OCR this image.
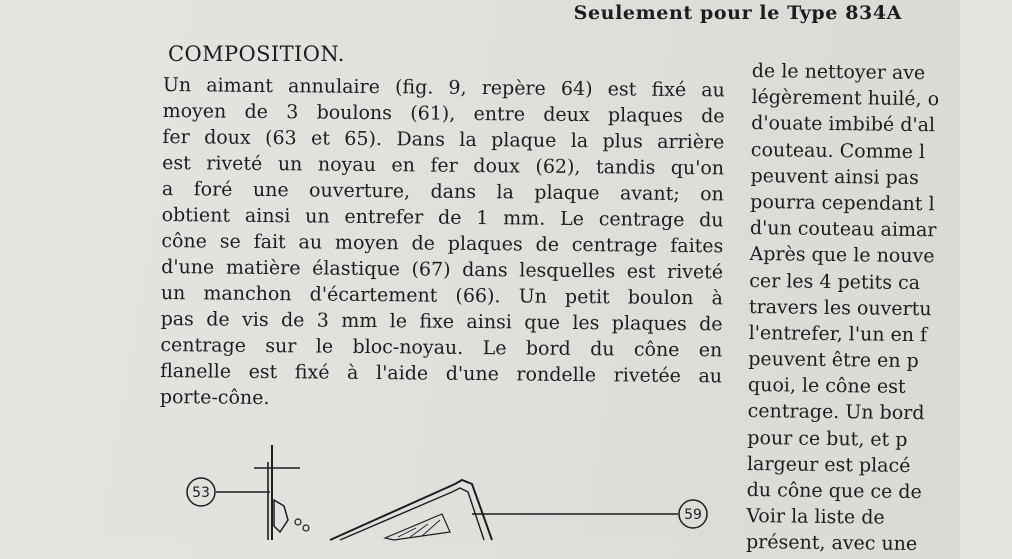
Seulement pour le Type 834A
COMPOSITION.
Un aimant annulaire (fig. 9, repère 64) est fixé au
moyen de 3 boulons (61), entre deux plaques de
fer doux (63 et 65). Dans la plaque la plus arrière
est riveté un noyau en fer doux (62), tandis qu'on
a foré une ouverture, dans la plaque avant; on
obtient ainsi un entrefer de 1 mm. Le centrage du
cône se fait au moyen de plaques de centrage faites
d'une matière élastique (67) dans lesquelles est riveté
un manchon d'écartement (66). Un petit boulon à
pas de vis de 3 mm le fixe ainsi que les plaques de
centrage sur le bloc-noyau. Le bord du cône en
flanelle est fixé à l'aide d'une rondelle rivetée au
porte-cône.
de le nettoyer ave
légèrement huilé, o
d'ouate imbibé d'al
couteau. Comme l
peuvent ainsi pas
pourra cependant l
d'un couteau aimar
Après que le nouve
cer les 4 petits ca
travers les ouvertu
l'entrefer, l'un en f
peuvent être en p
quoi, le cône est
centrage. Un bord
pour ce but, et p
largeur est placé
du cône que ce de
Voir la liste de
présent, avec une
53
59
